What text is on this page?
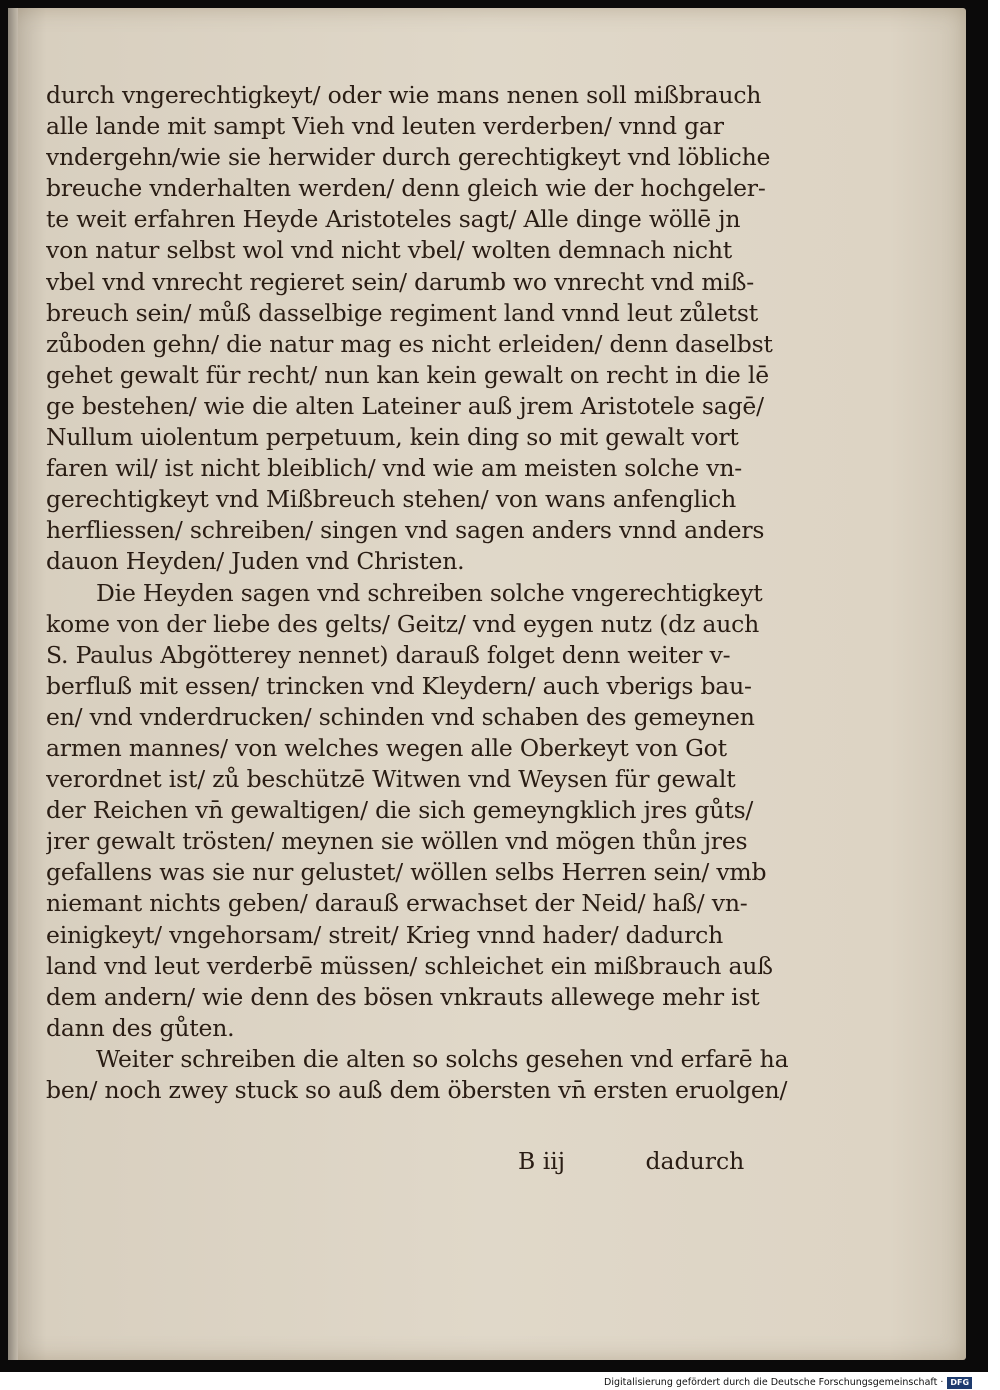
durch vngerechtigkeyt/ oder wie mans nenen soll mißbrauch
alle lande mit sampt Vieh vnd leuten verderben/ vnnd gar
vndergehn/wie sie herwider durch gerechtigkeyt vnd löbliche
breuche vnderhalten werden/ denn gleich wie der hochgeler-
te weit erfahren Heyde Aristoteles sagt/ Alle dinge wöllē jn
von natur selbst wol vnd nicht vbel/ wolten demnach nicht
vbel vnd vnrecht regieret sein/ darumb wo vnrecht vnd miß-
breuch sein/ můß dasselbige regiment land vnnd leut zůletst
zůboden gehn/ die natur mag es nicht erleiden/ denn daselbst
gehet gewalt für recht/ nun kan kein gewalt on recht in die lē
ge bestehen/ wie die alten Lateiner auß jrem Aristotele sagē/
Nullum uiolentum perpetuum, kein ding so mit gewalt vort
faren wil/ ist nicht bleiblich/ vnd wie am meisten solche vn-
gerechtigkeyt vnd Mißbreuch stehen/ von wans anfenglich
herfliessen/ schreiben/ singen vnd sagen anders vnnd anders
dauon Heyden/ Juden vnd Christen.
Die Heyden sagen vnd schreiben solche vngerechtigkeyt
kome von der liebe des gelts/ Geitz/ vnd eygen nutz (dz auch
S. Paulus Abgötterey nennet) darauß folget denn weiter v-
berfluß mit essen/ trincken vnd Kleydern/ auch vberigs bau-
en/ vnd vnderdrucken/ schinden vnd schaben des gemeynen
armen mannes/ von welches wegen alle Oberkeyt von Got
verordnet ist/ zů beschützē Witwen vnd Weysen für gewalt
der Reichen vn̄ gewaltigen/ die sich gemeyngklich jres gůts/
jrer gewalt trösten/ meynen sie wöllen vnd mögen thůn jres
gefallens was sie nur gelustet/ wöllen selbs Herren sein/ vmb
niemant nichts geben/ darauß erwachset der Neid/ haß/ vn-
einigkeyt/ vngehorsam/ streit/ Krieg vnnd hader/ dadurch
land vnd leut verderbē müssen/ schleichet ein mißbrauch auß
dem andern/ wie denn des bösen vnkrauts allewege mehr ist
dann des gůten.
Weiter schreiben die alten so solchs gesehen vnd erfarē ha
ben/ noch zwey stuck so auß dem öbersten vn̄ ersten eruolgen/
B iij	dadurch
Digitalisierung gefördert durch die Deutsche Forschungsgemeinschaft · DFG
